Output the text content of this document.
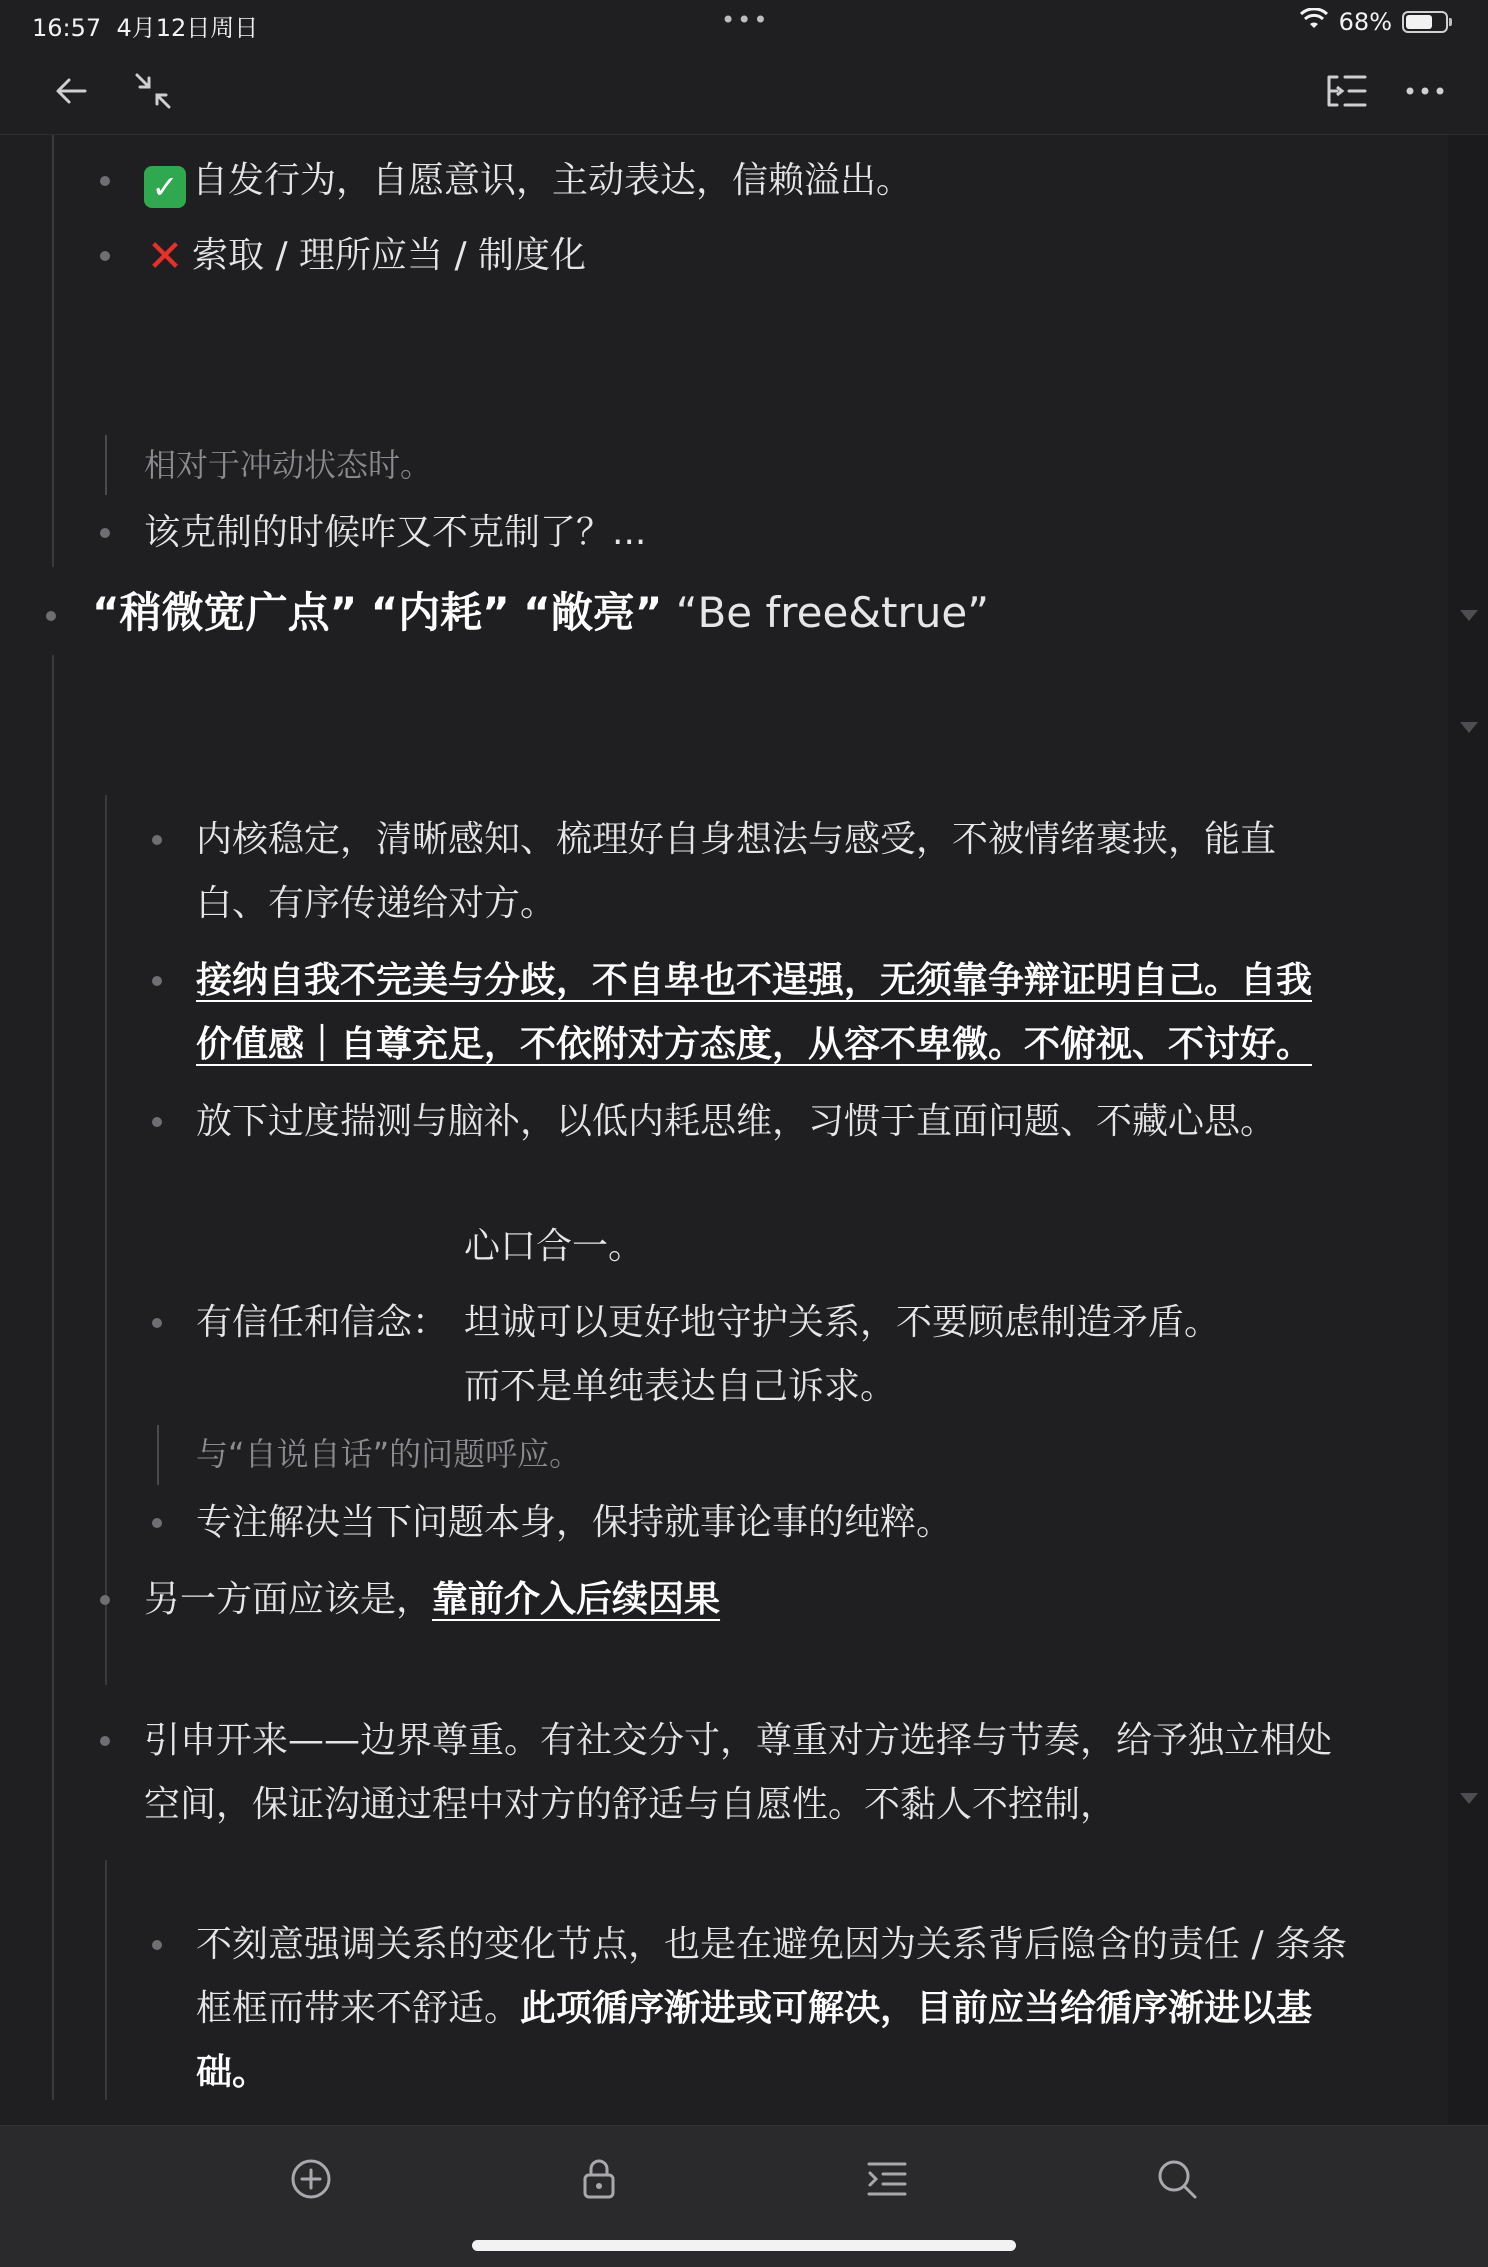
16:57 4月12日周日	•••	68%
✓ 自发行为，自愿意识，主动表达，信赖溢出。
✕ 索取 / 理所应当 / 制度化
相对于冲动状态时。
该克制的时候咋又不克制了？...
“稍微宽广点” “内耗” “敞亮” “Be free&true”
内核稳定，清晰感知、梳理好自身想法与感受，不被情绪裹挟，能直
白、有序传递给对方。
接纳自我不完美与分歧，不自卑也不逞强，无须靠争辩证明自己。自我
价值感｜自尊充足，不依附对方态度，从容不卑微。不俯视、不讨好。
放下过度揣测与脑补，以低内耗思维，习惯于直面问题、不藏心思。
心口合一。
有信任和信念： 坦诚可以更好地守护关系，不要顾虑制造矛盾。
而不是单纯表达自己诉求。
与“自说自话”的问题呼应。
专注解决当下问题本身，保持就事论事的纯粹。
另一方面应该是，靠前介入后续因果
引申开来——边界尊重。有社交分寸，尊重对方选择与节奏，给予独立相处
空间，保证沟通过程中对方的舒适与自愿性。不黏人不控制，
不刻意强调关系的变化节点，也是在避免因为关系背后隐含的责任 / 条条
框框而带来不舒适。此项循序渐进或可解决，目前应当给循序渐进以基
础。
